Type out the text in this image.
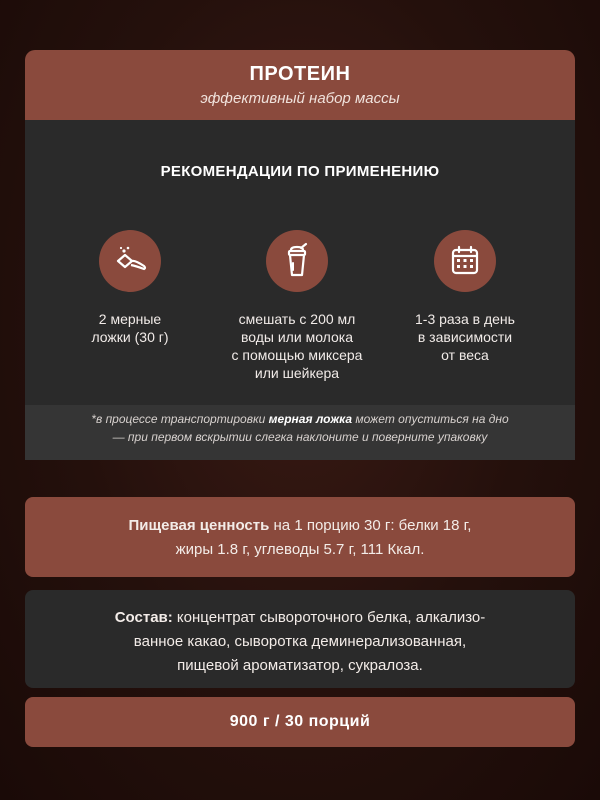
ПРОТЕИН
эффективный набор массы
РЕКОМЕНДАЦИИ ПО ПРИМЕНЕНИЮ
2 мерные
ложки (30 г)
смешать с 200 мл
воды или молока
с помощью миксера
или шейкера
1-3 раза в день
в зависимости
от веса
*в процессе транспортировки мерная ложка может опуститься на дно
— при первом вскрытии слегка наклоните и поверните упаковку
Пищевая ценность на 1 порцию 30 г: белки 18 г,
жиры 1.8 г, углеводы 5.7 г, 111 Ккал.
Состав: концентрат сывороточного белка, алкализо-
ванное какао, сыворотка деминерализованная,
пищевой ароматизатор, сукралоза.
900 г / 30 порций
